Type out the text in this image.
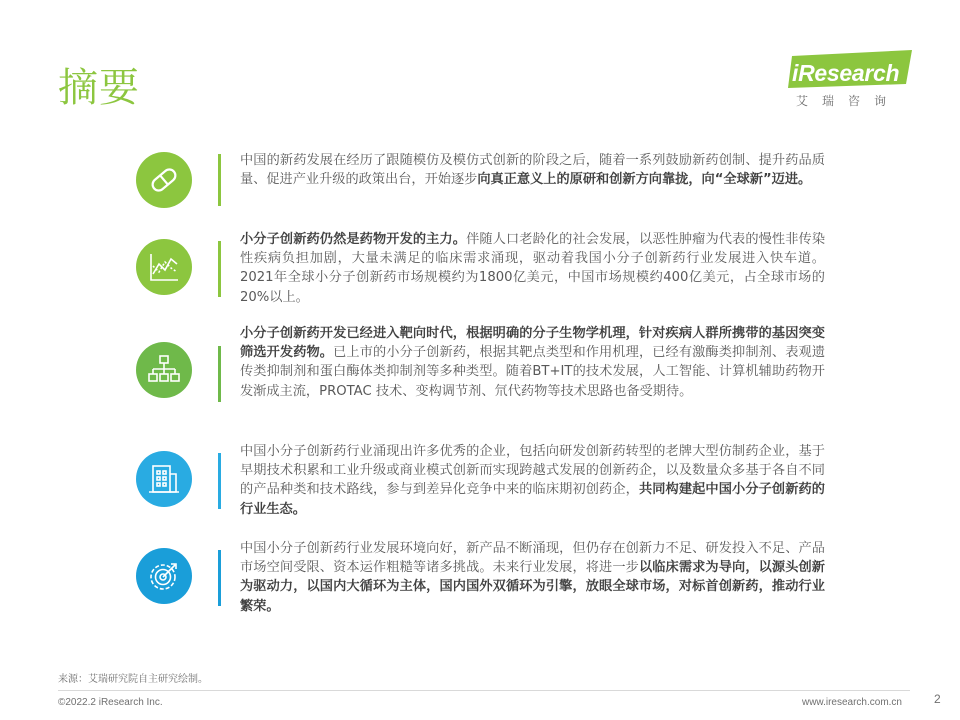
摘要	iResearch
艾瑞咨询
中国的新药发展在经历了跟随模仿及模仿式创新的阶段之后，随着一系列鼓励新药创制、提升药品质量、促进产业升级的政策出台，开始逐步向真正意义上的原研和创新方向靠拢，向“全球新”迈进。
小分子创新药仍然是药物开发的主力。伴随人口老龄化的社会发展，以恶性肿瘤为代表的慢性非传染性疾病负担加剧，大量未满足的临床需求涌现，驱动着我国小分子创新药行业发展进入快车道。2021年全球小分子创新药市场规模约为1800亿美元，中国市场规模约400亿美元，占全球市场的20%以上。
小分子创新药开发已经进入靶向时代，根据明确的分子生物学机理，针对疾病人群所携带的基因突变筛选开发药物。已上市的小分子创新药，根据其靶点类型和作用机理，已经有激酶类抑制剂、表观遗传类抑制剂和蛋白酶体类抑制剂等多种类型。随着BT+IT的技术发展，人工智能、计算机辅助药物开发渐成主流，PROTAC 技术、变构调节剂、氘代药物等技术思路也备受期待。
中国小分子创新药行业涌现出许多优秀的企业，包括向研发创新药转型的老牌大型仿制药企业，基于早期技术积累和工业升级或商业模式创新而实现跨越式发展的创新药企，以及数量众多基于各自不同的产品种类和技术路线，参与到差异化竞争中来的临床期初创药企，共同构建起中国小分子创新药的行业生态。
中国小分子创新药行业发展环境向好，新产品不断涌现，但仍存在创新力不足、研发投入不足、产品市场空间受限、资本运作粗糙等诸多挑战。未来行业发展，将进一步以临床需求为导向，以源头创新为驱动力，以国内大循环为主体，国内国外双循环为引擎，放眼全球市场，对标首创新药，推动行业繁荣。
来源：艾瑞研究院自主研究绘制。
©2022.2 iResearch Inc.	www.iresearch.com.cn	2
